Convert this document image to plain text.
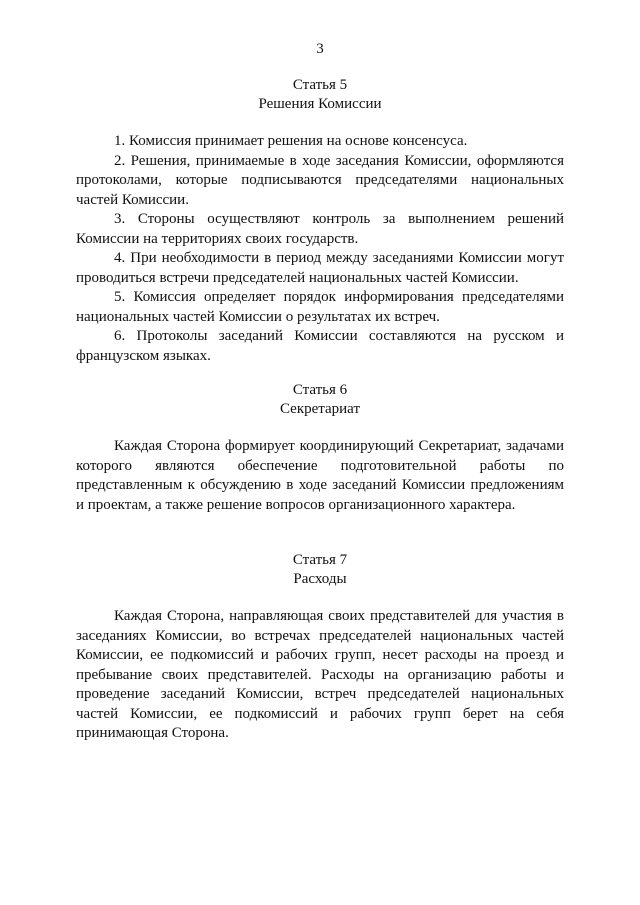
3
Статья 5
Решения Комиссии

1. Комиссия принимает решения на основе консенсуса.

2. Решения, принимаемые в ходе заседания Комиссии, оформляются протоколами, которые подписываются председателями национальных частей Комиссии.

3. Стороны осуществляют контроль за выполнением решений Комиссии на территориях своих государств.

4. При необходимости в период между заседаниями Комиссии могут проводиться встречи председателей национальных частей Комиссии.

5. Комиссия определяет порядок информирования председателями национальных частей Комиссии о результатах их встреч.

6. Протоколы заседаний Комиссии составляются на русском и французском языках.

Статья 6
Секретариат

Каждая Сторона формирует координирующий Секретариат, задачами которого являются обеспечение подготовительной работы по представленным к обсуждению в ходе заседаний Комиссии предложениям и проектам, а также решение вопросов организационного характера.

Статья 7
Расходы

Каждая Сторона, направляющая своих представителей для участия в заседаниях Комиссии, во встречах председателей национальных частей Комиссии, ее подкомиссий и рабочих групп, несет расходы на проезд и пребывание своих представителей. Расходы на организацию работы и проведение заседаний Комиссии, встреч председателей национальных частей Комиссии, ее подкомиссий и рабочих групп берет на себя принимающая Сторона.
